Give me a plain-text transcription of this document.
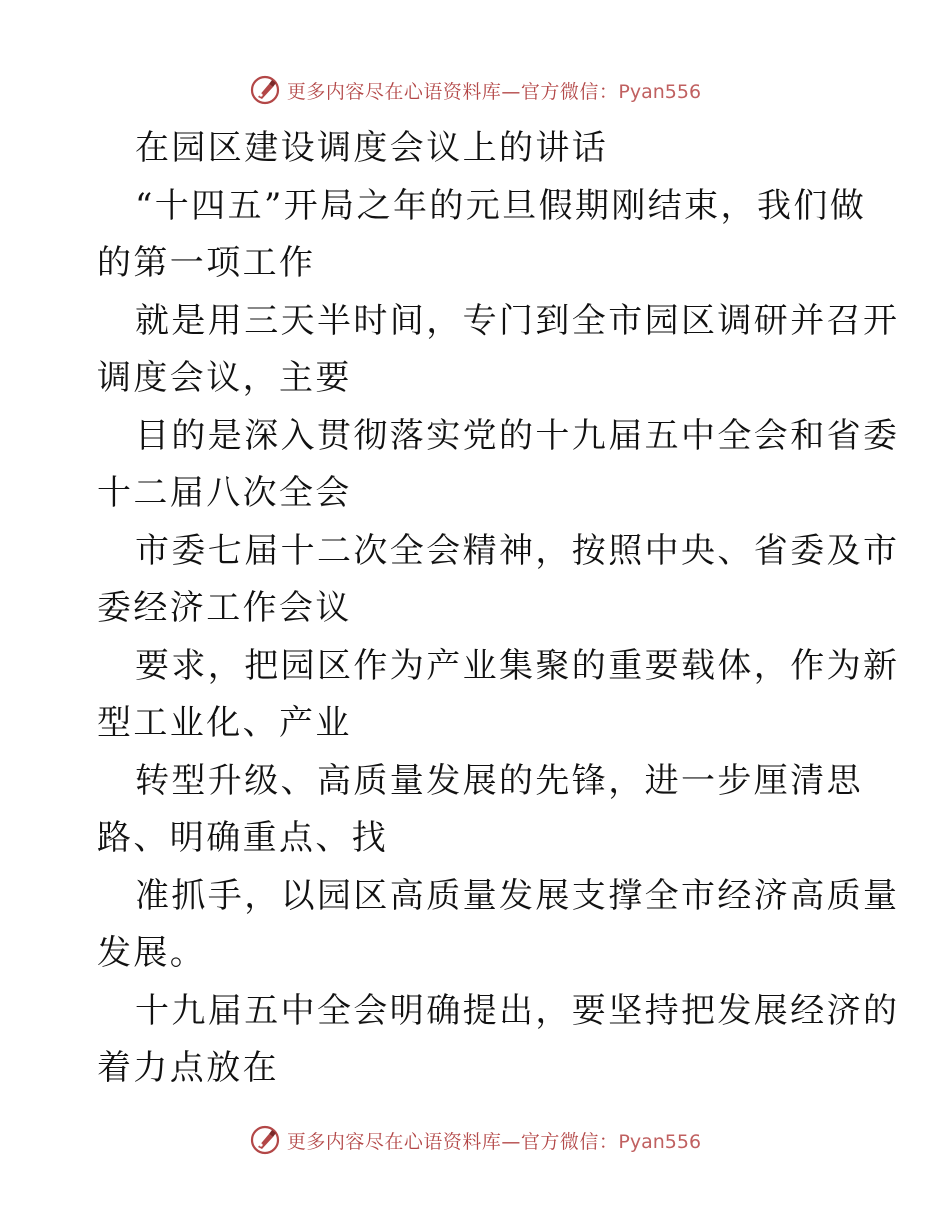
更多内容尽在心语资料库—官方微信：Pyan556
在园区建设调度会议上的讲话
“十四五”开局之年的元旦假期刚结束，我们做
的第一项工作
就是用三天半时间，专门到全市园区调研并召开
调度会议，主要
目的是深入贯彻落实党的十九届五中全会和省委
十二届八次全会
市委七届十二次全会精神，按照中央、省委及市
委经济工作会议
要求，把园区作为产业集聚的重要载体，作为新
型工业化、产业
转型升级、高质量发展的先锋，进一步厘清思
路、明确重点、找
准抓手，以园区高质量发展支撑全市经济高质量
发展。
十九届五中全会明确提出，要坚持把发展经济的
着力点放在
更多内容尽在心语资料库—官方微信：Pyan556
